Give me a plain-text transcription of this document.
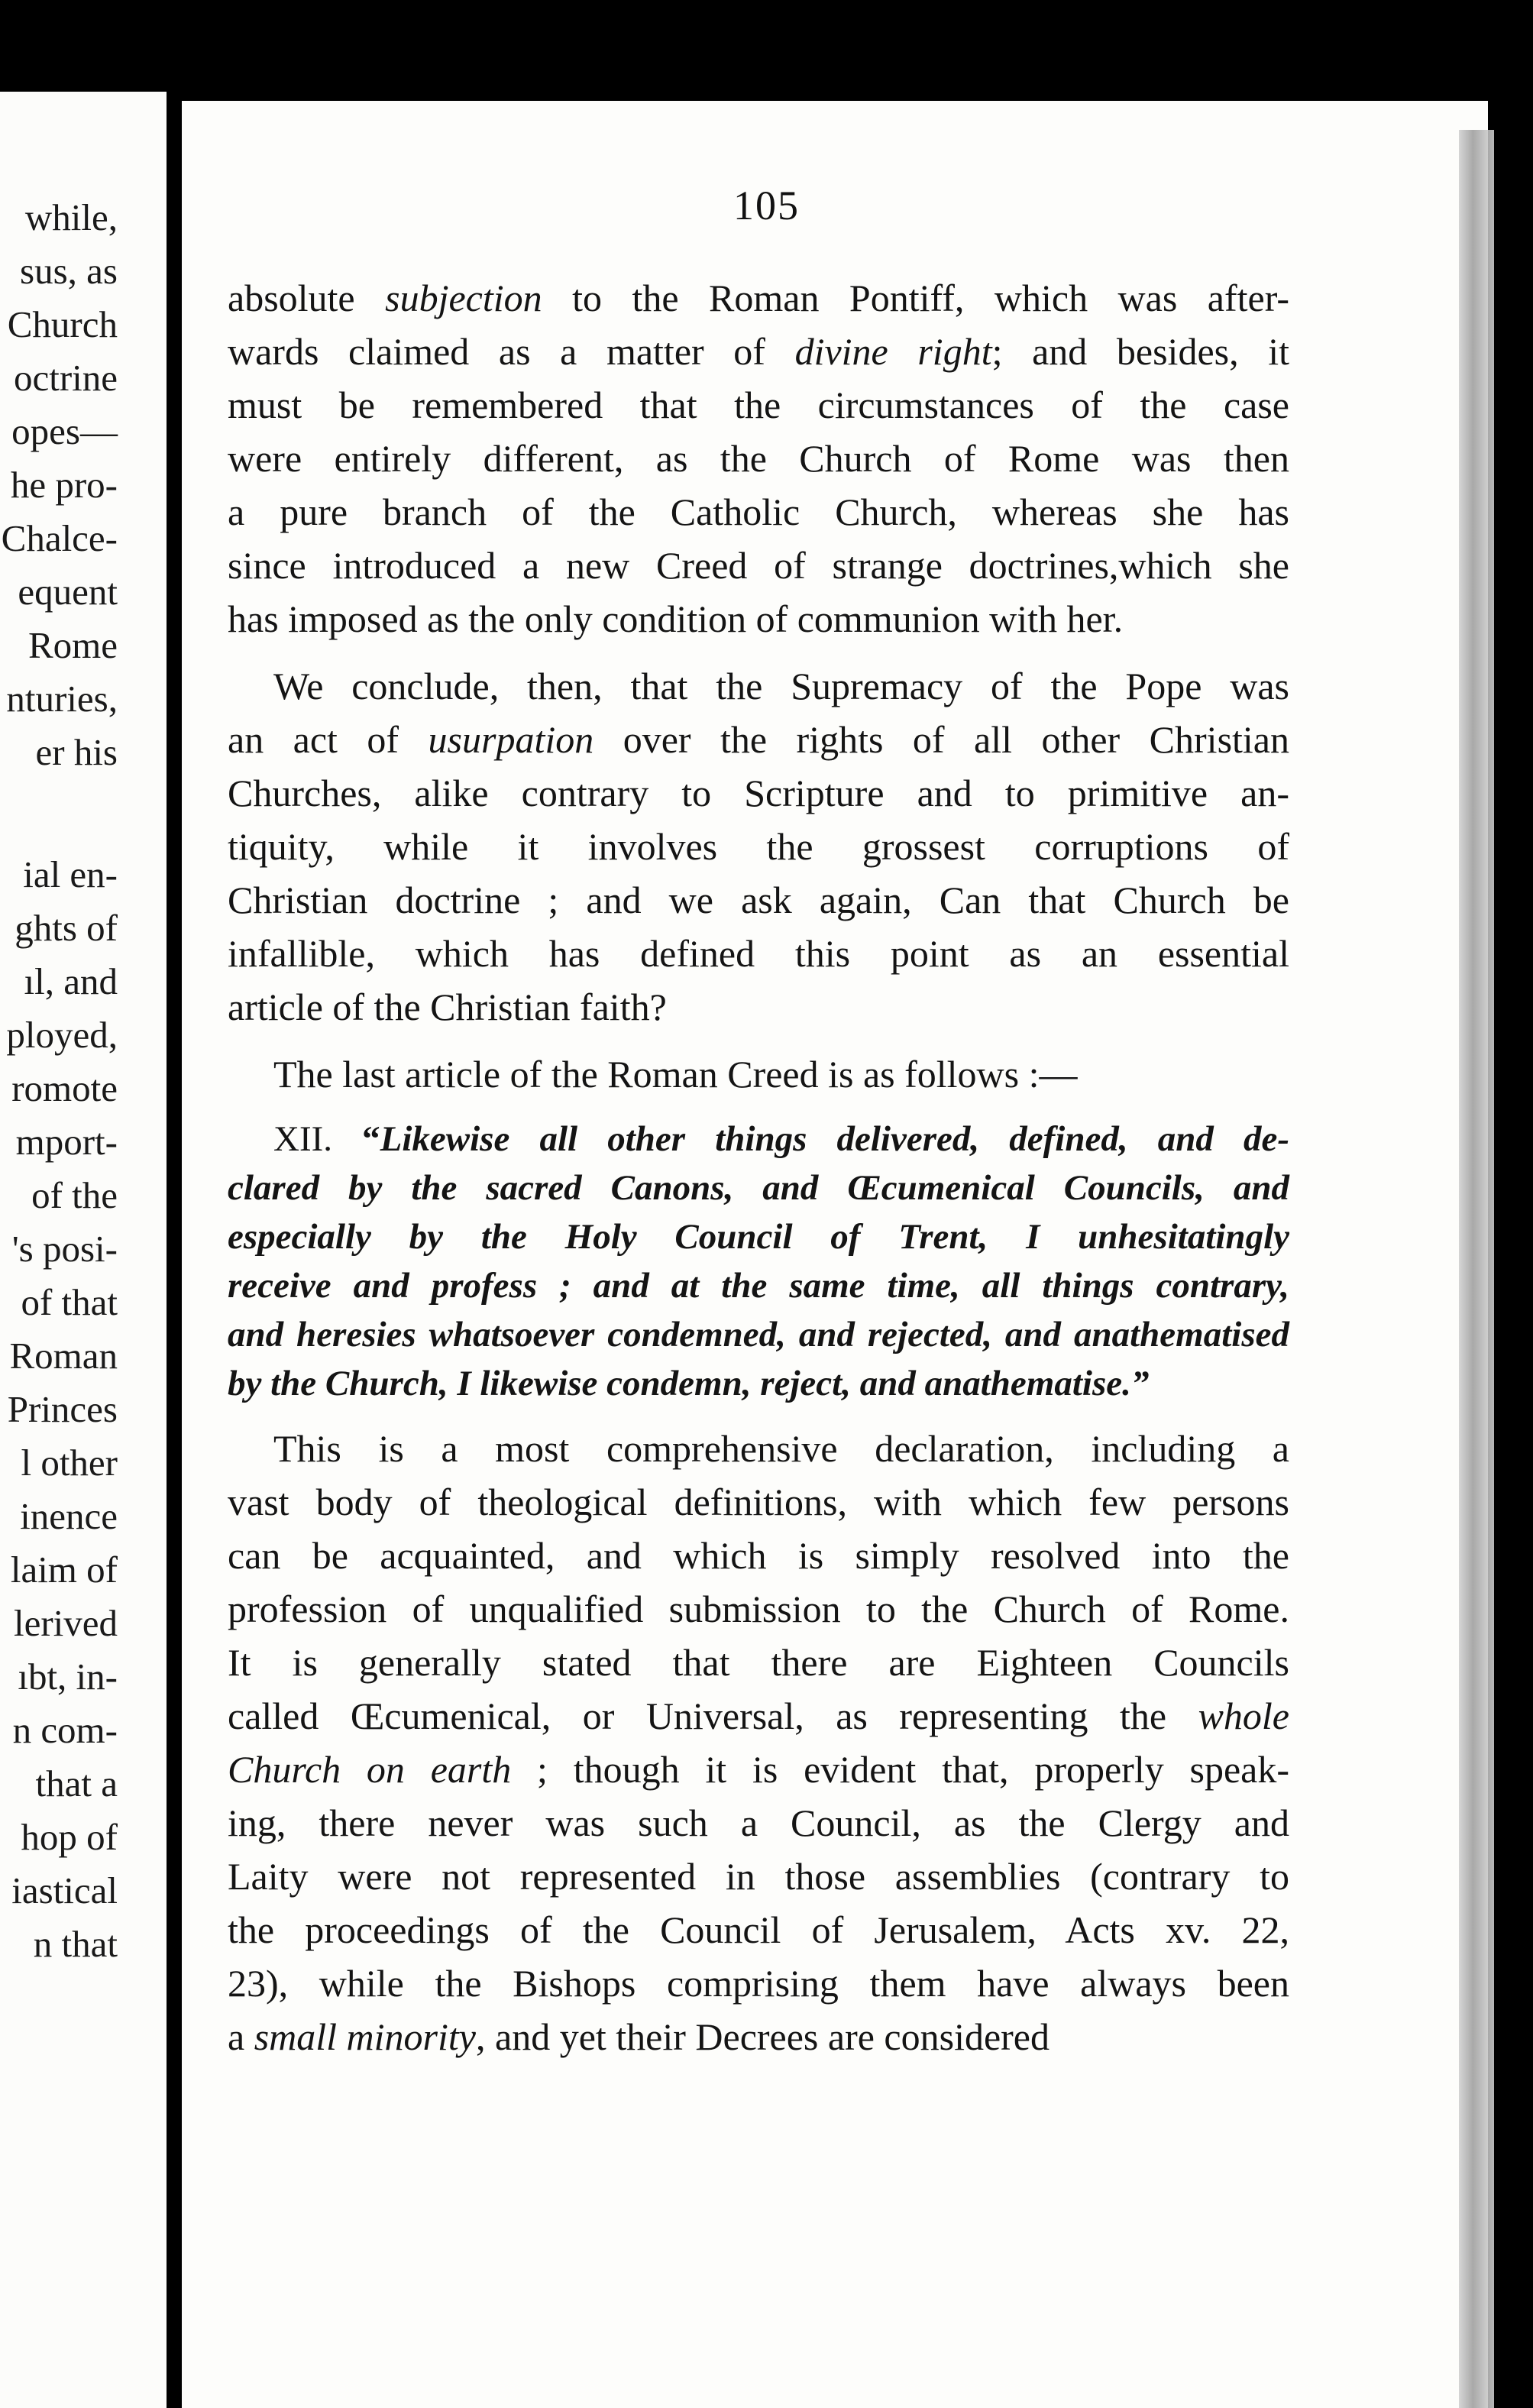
while,
sus, as
Church
octrine
opes—
he pro-
Chalce-
equent
Rome
nturies,
er his
ial en-
ghts of
ıl, and
ployed,
romote
mport-
of the
's posi-
of that
Roman
Princes
l other
inence
laim of
lerived
ıbt, in-
n com-
that a
hop of
iastical
n that
105
absolute subjection to the Roman Pontiff, which was after-
wards claimed as a matter of divine right; and besides, it
must be remembered that the circumstances of the case
were entirely different, as the Church of Rome was then
a pure branch of the Catholic Church, whereas she has
since introduced a new Creed of strange doctrines,which she
has imposed as the only condition of communion with her.
We conclude, then, that the Supremacy of the Pope was
an act of usurpation over the rights of all other Christian
Churches, alike contrary to Scripture and to primitive an-
tiquity, while it involves the grossest corruptions of
Christian doctrine ; and we ask again, Can that Church be
infallible, which has defined this point as an essential
article of the Christian faith?
The last article of the Roman Creed is as follows :—
XII. “Likewise all other things delivered, defined, and de-
clared by the sacred Canons, and Œcumenical Councils, and
especially by the Holy Council of Trent, I unhesitatingly
receive and profess ; and at the same time, all things contrary,
and heresies whatsoever condemned, and rejected, and anathematised
by the Church, I likewise condemn, reject, and anathematise.”
This is a most comprehensive declaration, including a
vast body of theological definitions, with which few persons
can be acquainted, and which is simply resolved into the
profession of unqualified submission to the Church of Rome.
It is generally stated that there are Eighteen Councils
called Œcumenical, or Universal, as representing the whole
Church on earth ; though it is evident that, properly speak-
ing, there never was such a Council, as the Clergy and
Laity were not represented in those assemblies (contrary to
the proceedings of the Council of Jerusalem, Acts xv. 22,
23), while the Bishops comprising them have always been
a small minority, and yet their Decrees are considered
